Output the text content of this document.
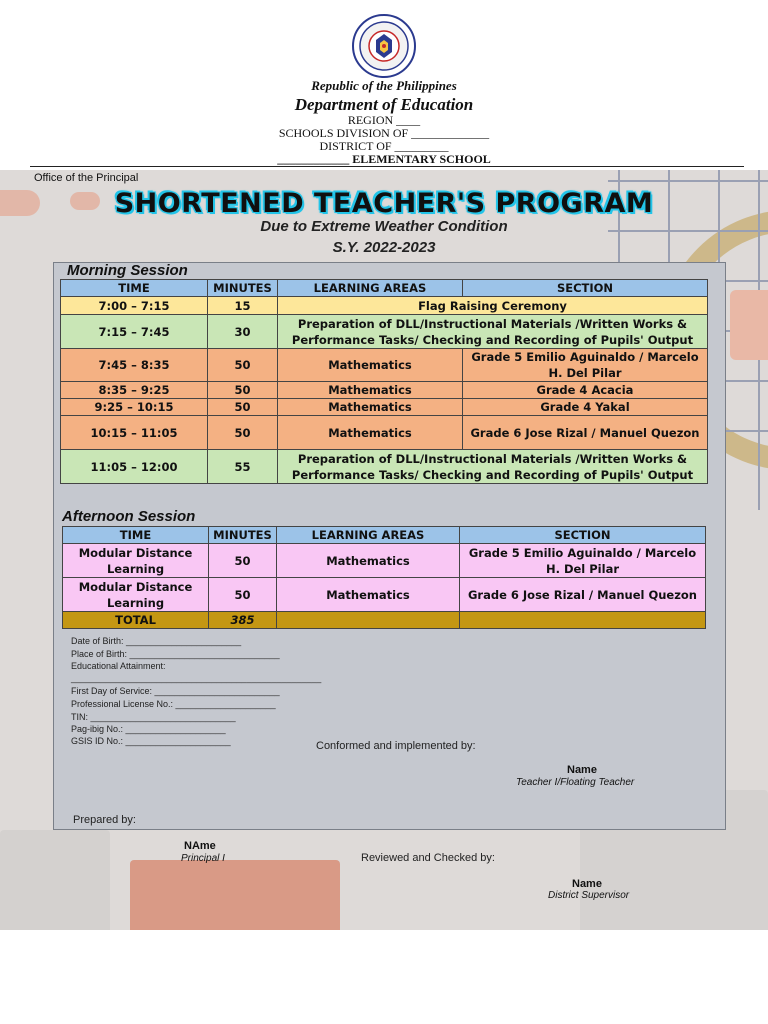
Republic of the Philippines
Department of Education
REGION ____
SCHOOLS DIVISION OF _____________
DISTRICT OF _________
____________ ELEMENTARY SCHOOL
Office of the Principal
SHORTENED TEACHER'S PROGRAM
Due to Extreme Weather Condition
S.Y. 2022-2023
Morning Session
TIME	MINUTES	LEARNING AREAS	SECTION
7:00 – 7:15	15	Flag Raising Ceremony	
7:15 – 7:45	30	Preparation of DLL/Instructional Materials /Written Works & Performance Tasks/ Checking and Recording of Pupils' Output	
7:45 – 8:35	50	Mathematics	Grade 5 Emilio Aguinaldo / Marcelo H. Del Pilar
8:35 – 9:25	50	Mathematics	Grade 4 Acacia
9:25 – 10:15	50	Mathematics	Grade 4 Yakal
10:15 – 11:05	50	Mathematics	Grade 6 Jose Rizal / Manuel Quezon
11:05 – 12:00	55	Preparation of DLL/Instructional Materials /Written Works & Performance Tasks/ Checking and Recording of Pupils' Output	
Afternoon Session
TIME	MINUTES	LEARNING AREAS	SECTION
Modular Distance Learning	50	Mathematics	Grade 5 Emilio Aguinaldo / Marcelo H. Del Pilar
Modular Distance Learning	50	Mathematics	Grade 6 Jose Rizal / Manuel Quezon
TOTAL	385		
Date of Birth: _______________________
Place of Birth: ______________________________
Educational Attainment:
__________________________________________________
First Day of Service: _________________________
Professional License No.: ____________________
TIN: _____________________________
Pag-ibig No.: ____________________
GSIS ID No.: _____________________	Conformed and implemented by:
Name
Teacher I/Floating Teacher
Prepared by:
NAme
Principal I	Reviewed and Checked by:
Name
District Supervisor
